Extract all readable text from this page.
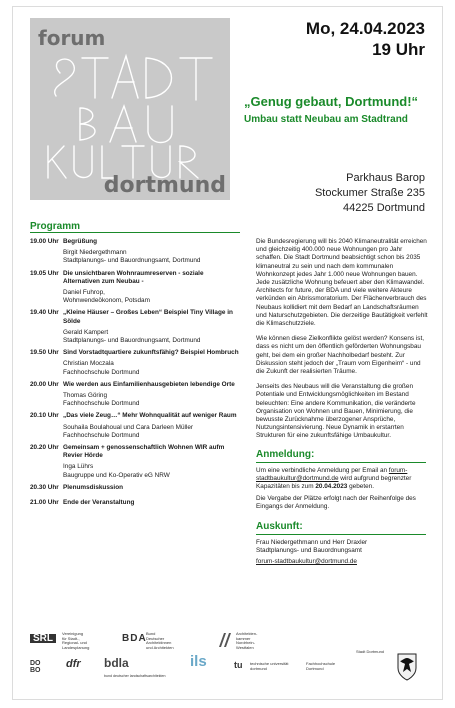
forum
dortmund
Mo, 24.04.2023
19 Uhr
„Genug gebaut, Dortmund!“
Umbau statt Neubau am Stadtrand
Parkhaus Barop
Stockumer Straße 235
44225 Dortmund
Programm
19.00 Uhr Begrüßung
Birgit Niedergethmann
Stadtplanungs- und Bauordnungsamt, Dortmund
19.05 Uhr Die unsichtbaren Wohnraumreserven - soziale Alternativen zum Neubau -
Daniel Fuhrop,
Wohnwendeökonom, Potsdam
19.40 Uhr „Kleine Häuser – Großes Leben“ Beispiel Tiny Village in Sölde
Gerald Kampert
Stadtplanungs- und Bauordnungsamt, Dortmund
19.50 Uhr Sind Vorstadtquartiere zukunftsfähig? Beispiel Hombruch
Christian Moczala
Fachhochschule Dortmund
20.00 Uhr Wie werden aus Einfamilienhausgebieten lebendige Orte
Thomas Göring
Fachhochschule Dortmund
20.10 Uhr „Das viele Zeug…“ Mehr Wohnqualität auf weniger Raum
Souhaila Boulahoual und Cara Darleen Müller
Fachhochschule Dortmund
20.20 Uhr Gemeinsam + genossenschaftlich Wohnen WIR aufm Revier Hörde
Inga Lührs
Baugruppe und Ko-Operativ eG NRW
20.30 Uhr Plenumsdiskussion
21.00 Uhr Ende der Veranstaltung

Die Bundesregierung will bis 2040 Klimaneutralität erreichen und gleichzeitig 400.000 neue Wohnungen pro Jahr schaffen. Die Stadt Dortmund beabsichtigt schon bis 2035 klimaneutral zu sein und nach dem kommunalen Wohnkonzept jedes Jahr 1.000 neue Wohnungen bauen. Jede zusätzliche Wohnung befeuert aber den Klimawandel. Architects for future, der BDA und viele weitere Akteure verkünden ein Abrissmoratorium. Der Flächenverbrauch des Neubaus kollidiert mit dem Bedarf an Landschaftsräumen und Naturschutzgebieten. Die derzeitige Bautätigkeit verfehlt die Klimaschutzziele.

Wie können diese Zielkonflikte gelöst werden? Konsens ist, dass es nicht um den öffentlich geförderten Wohnungsbau geht, bei dem ein großer Nachholbedarf besteht. Zur Diskussion steht jedoch der „Traum vom Eigenheim“ - und die Zukunft der realisierten Träume.

Jenseits des Neubaus will die Veranstaltung die großen Potentiale und Entwicklungsmöglichkeiten im Bestand beleuchten: Eine andere Kommunikation, die veränderte Organisation von Wohnen und Bauen, Minimierung, die bewusste Zurücknahme überzogener Ansprüche, Nutzungsintensivierung. Neue Dynamik in erstarrten Strukturen für eine zukunftsfähige Umbaukultur.

Anmeldung:

Um eine verbindliche Anmeldung per Email an forum-stadtbaukultur@dortmund.de wird aufgrund begrenzter Kapazitäten bis zum 20.04.2023 gebeten.

Die Vergabe der Plätze erfolgt nach der Reihenfolge des Eingangs der Anmeldung.

Auskunft:

Frau Niedergethmann und Herr Draxler

Stadtplanungs- und Bauordnungsamt

forum-stadtbaukultur@dortmund.de

SRL	Vereinigung
für Stadt-,
Regional- und
Landesplanung
BDA Bund
Deutscher
Architektinnen
und Architekten
Architekten-
kammer
Nordrhein-
Westfalen
DO BO
dfr bdla
bund deutscher landschaftsarchitekten
ils	tu technische universität
dortmund
Fachhochschule
Dortmund
Stadt Dortmund
